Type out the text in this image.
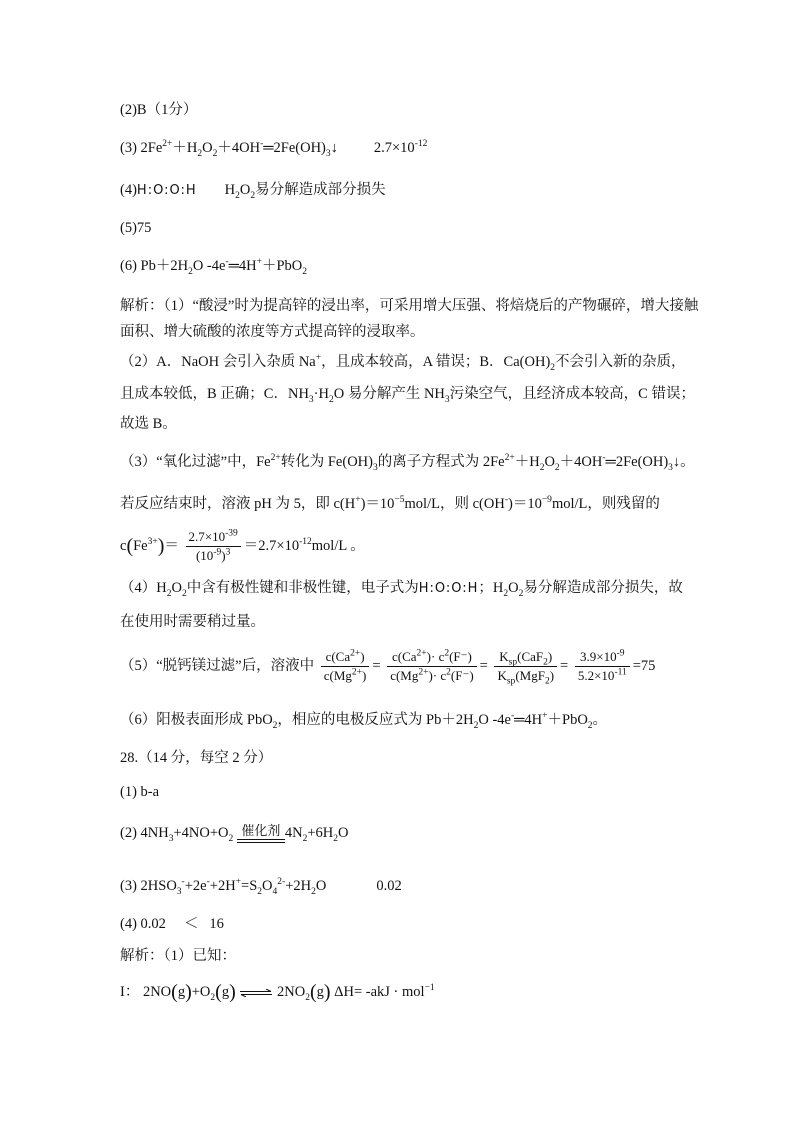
(2)B（1分）
(3) $2Fe^{2+}+H_2O_2+4OH^-═2Fe(OH)_3↓$ $2.7\times 10^{-12}$
(4)H:O:O:H $H_2O_2$易分解造成部分损失
(5)75
(6) $Pb+2H_2O$ -4e-═4H+＋PbO$_2$
解析：（1）“酸浸”时为提高锌的浸出率，可采用增大压强、将焙烧后的产物碾碎，增大接触
面积、增大硫酸的浓度等方式提高锌的浸取率。
（2）A．NaOH 会引入杂质 Na+，且成本较高，A 错误；B．$Ca(OH)_2$不会引入新的杂质，
且成本较低，B 正确；C．$NH_3\cdot H_2O$ 易分解产生 $NH_3$污染空气，且经济成本较高，C 错误；
故选 B。
（3）“氧化过滤”中，$Fe^{2+}$转化为 $Fe(OH)_3$的离子方程式为 $2Fe^{2+}+H_2O_2+4OH^-═2Fe(OH)_3↓$。
若反应结束时，溶液 pH 为 5，即 $c(H^+)=10^{-5}mol/L$，则 $c(OH^-)=10^{-9}mol/L$，则残留的
$c(Fe^{3+})= \frac{2.7\times 10^{-39}}{(10^{-9})^3} =2.7\times 10^{-12}mol/L$ 。
$(4)H_2O_2$中含有极性键和非极性键，电子式为H:O:O:H；$H_2O_2$易分解造成部分损失，故
在使用时需要稍过量。
（5）“脱钙镁过滤”后，溶液中 $\frac{c(Ca^{2+})}{c(Mg^{2+})} = \frac{c(Ca^{2+})\cdot c^2(F^-)}{c(Mg^{2+})\cdot c^2(F^-)} = \frac{K_{sp}(CaF_2)}{K_{sp}(MgF_2)} = \frac{3.9\times 10^{-9}}{5.2\times 10^{-11}} =75$
（6）阳极表面形成 PbO$_2$，相应的电极反应式为 $Pb+2H_2O$ -4e-═4H+＋PbO$_2$。
28.（14 分，每空 2 分）
(1) b-a
(2) $4NH_3+4NO+O_2$
催化剂 $4N_2+6H_2O$
(3) $2HSO_3^-+2e^-+2H^+=S_2O_4^{2-}+2H_2O$	0.02
(4) 0.02     ＜   16
解析：（1）已知：
I： $2NO(g)+O_2(g)$ ⇌ $2NO_2(g)$ ΔH= -akJ · mol$^{-1}$
